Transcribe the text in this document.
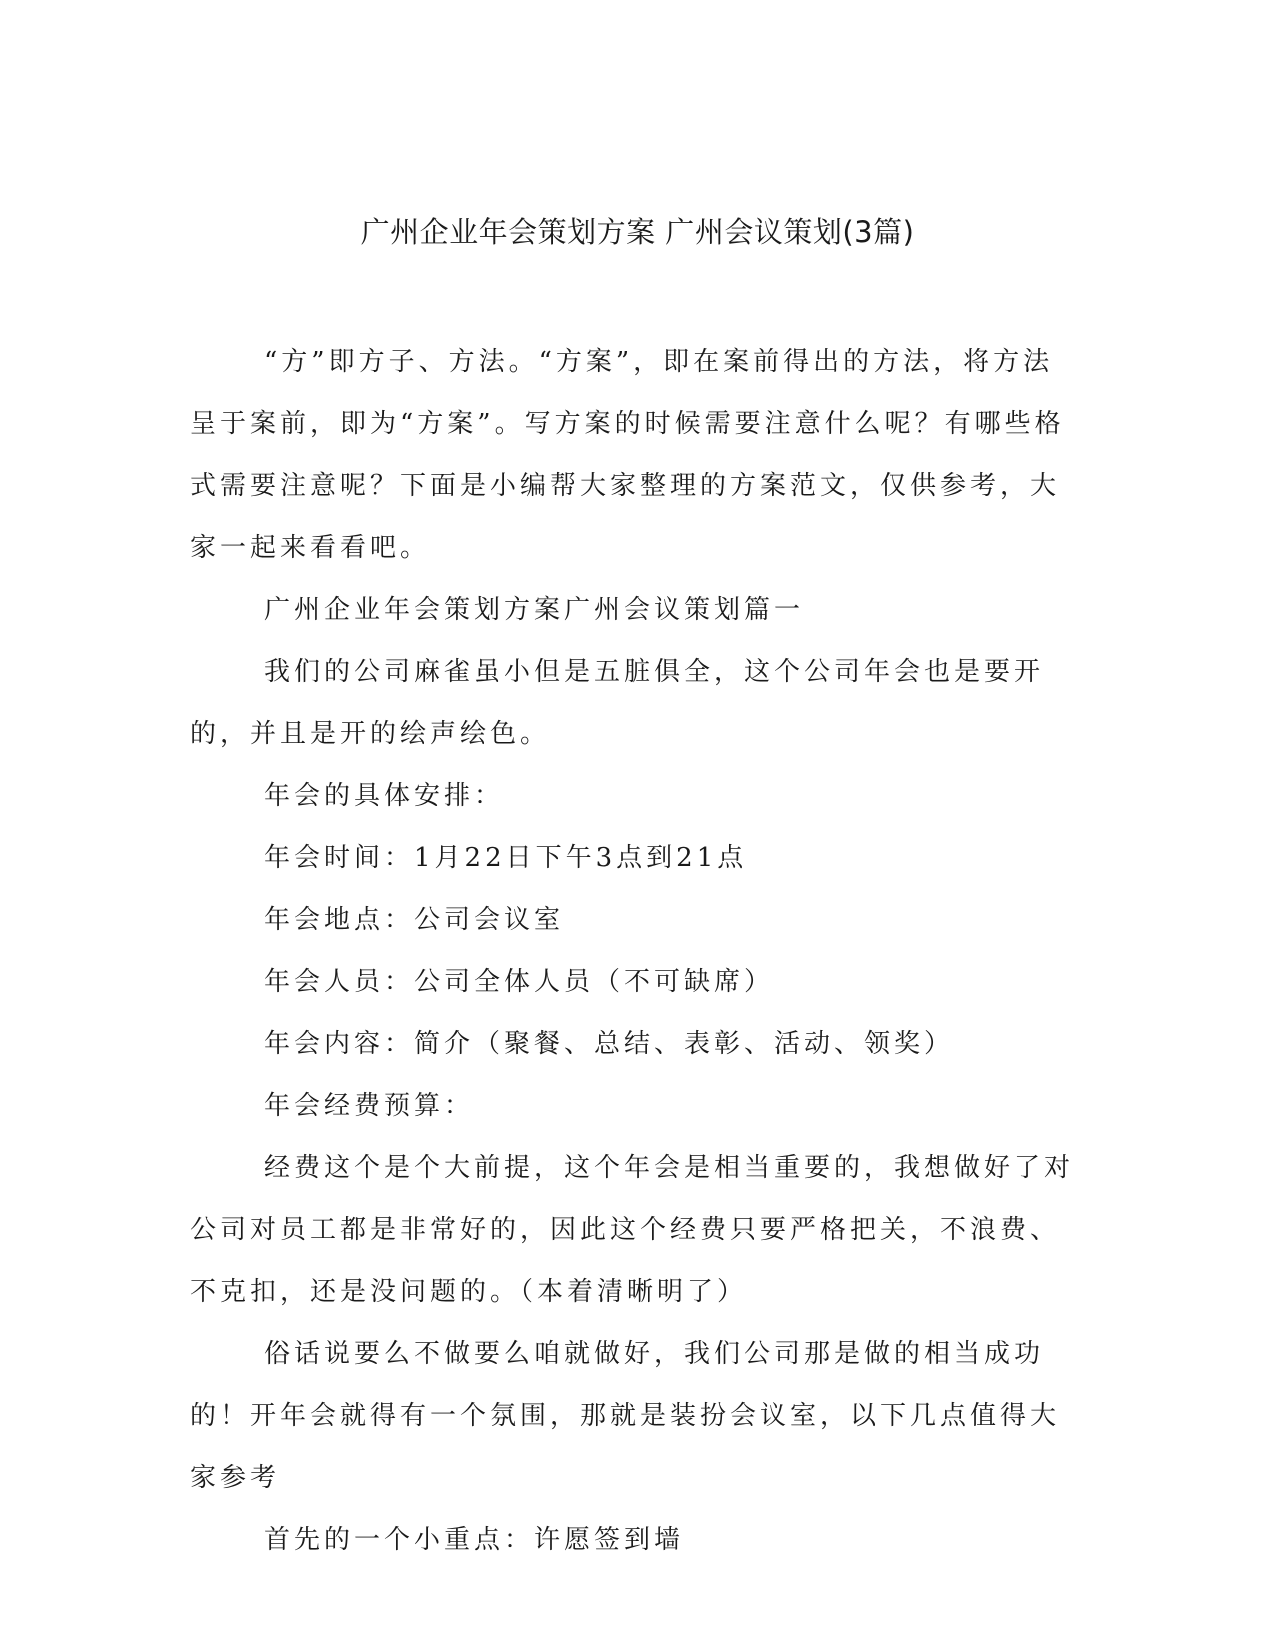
广州企业年会策划方案 广州会议策划(3篇)

“方”即方子、方法。“方案”，即在案前得出的方法，将方法呈于案前，即为“方案”。写方案的时候需要注意什么呢？有哪些格式需要注意呢？下面是小编帮大家整理的方案范文，仅供参考，大家一起来看看吧。

广州企业年会策划方案广州会议策划篇一

我们的公司麻雀虽小但是五脏俱全，这个公司年会也是要开的，并且是开的绘声绘色。

年会的具体安排：

年会时间：1月22日下午3点到21点

年会地点：公司会议室

年会人员：公司全体人员（不可缺席）

年会内容：简介（聚餐、总结、表彰、活动、领奖）

年会经费预算：

经费这个是个大前提，这个年会是相当重要的，我想做好了对公司对员工都是非常好的，因此这个经费只要严格把关，不浪费、不克扣，还是没问题的。（本着清晰明了）

俗话说要么不做要么咱就做好，我们公司那是做的相当成功的！开年会就得有一个氛围，那就是装扮会议室，以下几点值得大家参考

首先的一个小重点：许愿签到墙
